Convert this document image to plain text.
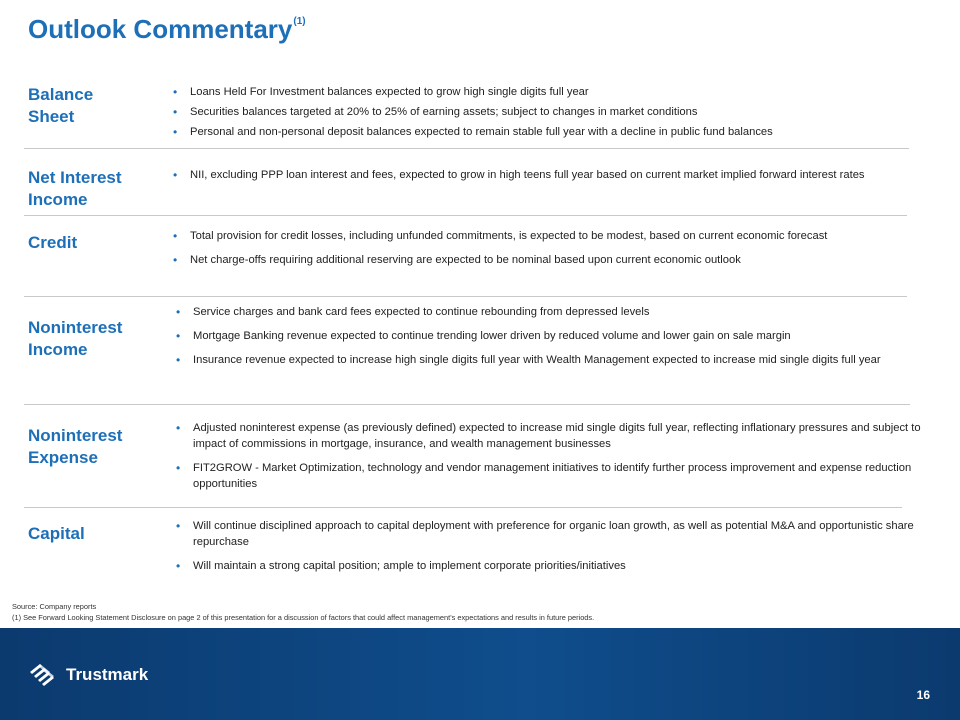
Outlook Commentary$^{(1)}$
Balance Sheet
• Loans Held For Investment balances expected to grow high single digits full year
• Securities balances targeted at 20% to 25% of earning assets; subject to changes in market conditions
• Personal and non-personal deposit balances expected to remain stable full year with a decline in public fund balances
Net Interest Income
• NII, excluding PPP loan interest and fees, expected to grow in high teens full year based on current market implied forward interest rates
Credit	• Total provision for credit losses, including unfunded commitments, is expected to be modest, based on current economic forecast
• Net charge-offs requiring additional reserving are expected to be nominal based upon current economic outlook
Noninterest Income
• Service charges and bank card fees expected to continue rebounding from depressed levels
• Mortgage Banking revenue expected to continue trending lower driven by reduced volume and lower gain on sale margin
• Insurance revenue expected to increase high single digits full year with Wealth Management expected to increase mid single digits full year
Noninterest Expense
• Adjusted noninterest expense (as previously defined) expected to increase mid single digits full year, reflecting inflationary pressures and subject to impact of commissions in mortgage, insurance, and wealth management businesses
• FIT2GROW - Market Optimization, technology and vendor management initiatives to identify further process improvement and expense reduction opportunities
Capital	• Will continue disciplined approach to capital deployment with preference for organic loan growth, as well as potential M&A and opportunistic share repurchase
• Will maintain a strong capital position; ample to implement corporate priorities/initiatives
Source: Company reports
(1) See Forward Looking Statement Disclosure on page 2 of this presentation for a discussion of factors that could affect management's expectations and results in future periods.
Trustmark
16
